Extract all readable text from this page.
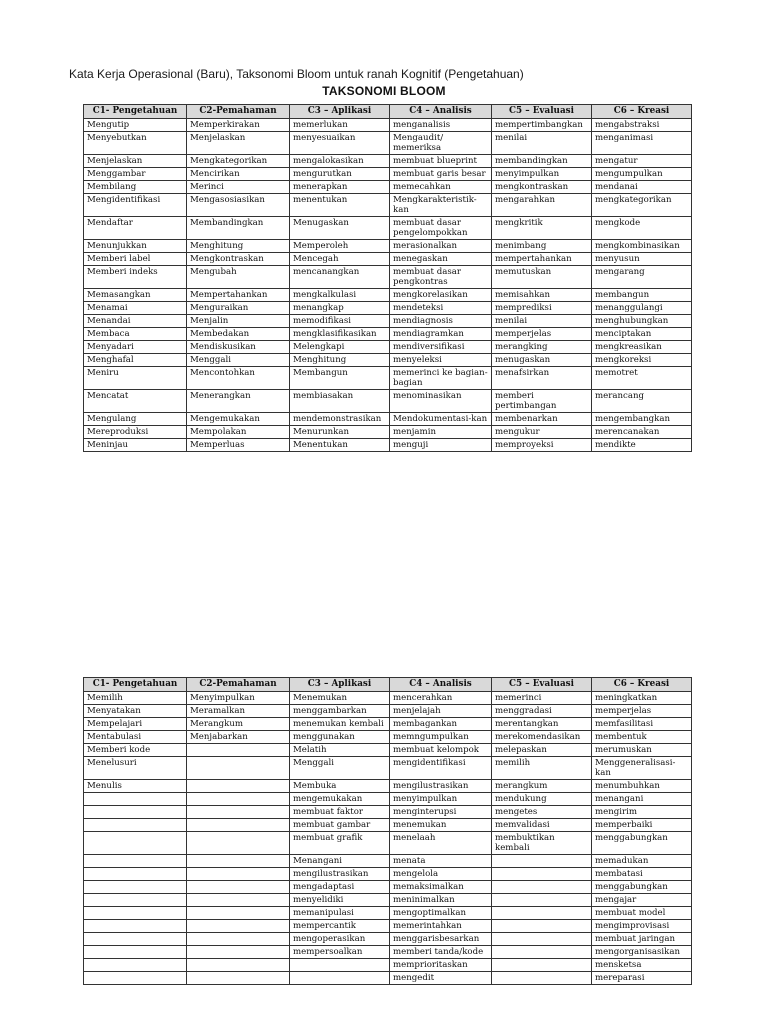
Kata Kerja Operasional (Baru), Taksonomi Bloom untuk ranah Kognitif (Pengetahuan)
TAKSONOMI BLOOM
C1- Pengetahuan	C2-Pemahaman	C3 – Aplikasi	C4 – Analisis	C5 – Evaluasi	C6 – Kreasi
Mengutip	Memperkirakan	memerlukan	menganalisis	mempertimbangkan	mengabstraksi
Menyebutkan	Menjelaskan	menyesuaikan	Mengaudit/ memeriksa	menilai	menganimasi
Menjelaskan	Mengkategorikan	mengalokasikan	membuat blueprint	membandingkan	mengatur
Menggambar	Mencirikan	mengurutkan	membuat garis besar	menyimpulkan	mengumpulkan
Membilang	Merinci	menerapkan	memecahkan	mengkontraskan	mendanai
Mengidentifikasi	Mengasosiasikan	menentukan	Mengkarakteristik-kan	mengarahkan	mengkategorikan
Mendaftar	Membandingkan	Menugaskan	membuat dasar pengelompokkan	mengkritik	mengkode
Menunjukkan	Menghitung	Memperoleh	merasionalkan	menimbang	mengkombinasikan
Memberi label	Mengkontraskan	Mencegah	menegaskan	mempertahankan	menyusun
Memberi indeks	Mengubah	mencanangkan	membuat dasar pengkontras	memutuskan	mengarang
Memasangkan	Mempertahankan	mengkalkulasi	mengkorelasikan	memisahkan	membangun
Menamai	Menguraikan	menangkap	mendeteksi	memprediksi	menanggulangi
Menandai	Menjalin	memodifikasi	mendiagnosis	menilai	menghubungkan
Membaca	Membedakan	mengklasifikasikan	mendiagramkan	memperjelas	menciptakan
Menyadari	Mendiskusikan	Melengkapi	mendiversifikasi	merangking	mengkreasikan
Menghafal	Menggali	Menghitung	menyeleksi	menugaskan	mengkoreksi
Meniru	Mencontohkan	Membangun	memerinci ke bagian-bagian	menafsirkan	memotret
Mencatat	Menerangkan	membiasakan	menominasikan	memberi pertimbangan	merancang
Mengulang	Mengemukakan	mendemonstrasikan	Mendokumentasi-kan	membenarkan	mengembangkan
Mereproduksi	Mempolakan	Menurunkan	menjamin	mengukur	merencanakan
Meninjau	Memperluas	Menentukan	menguji	memproyeksi	mendikte
C1- Pengetahuan	C2-Pemahaman	C3 – Aplikasi	C4 – Analisis	C5 – Evaluasi	C6 – Kreasi
Memilih	Menyimpulkan	Menemukan	mencerahkan	memerinci	meningkatkan
Menyatakan	Meramalkan	menggambarkan	menjelajah	menggradasi	memperjelas
Mempelajari	Merangkum	menemukan kembali	membagankan	merentangkan	memfasilitasi
Mentabulasi	Menjabarkan	menggunakan	memngumpulkan	merekomendasikan	membentuk
Memberi kode		Melatih	membuat kelompok	melepaskan	merumuskan
Menelusuri		Menggali	mengidentifikasi	memilih	Menggeneralisasi-kan
Menulis		Membuka	mengilustrasikan	merangkum	menumbuhkan
		mengemukakan	menyimpulkan	mendukung	menangani
		membuat faktor	menginterupsi	mengetes	mengirim
		membuat gambar	menemukan	memvalidasi	memperbaiki
		membuat grafik	menelaah	membuktikan kembali	menggabungkan
		Menangani	menata		memadukan
		mengilustrasikan	mengelola		membatasi
		mengadaptasi	memaksimalkan		menggabungkan
		menyelidiki	meninimalkan		mengajar
		memanipulasi	mengoptimalkan		membuat model
		mempercantik	memerintahkan		mengimprovisasi
		mengoperasikan	menggarisbesarkan		membuat jaringan
		mempersoalkan	memberi tanda/kode		mengorganisasikan
			memprioritaskan		mensketsa
			mengedit		mereparasi
